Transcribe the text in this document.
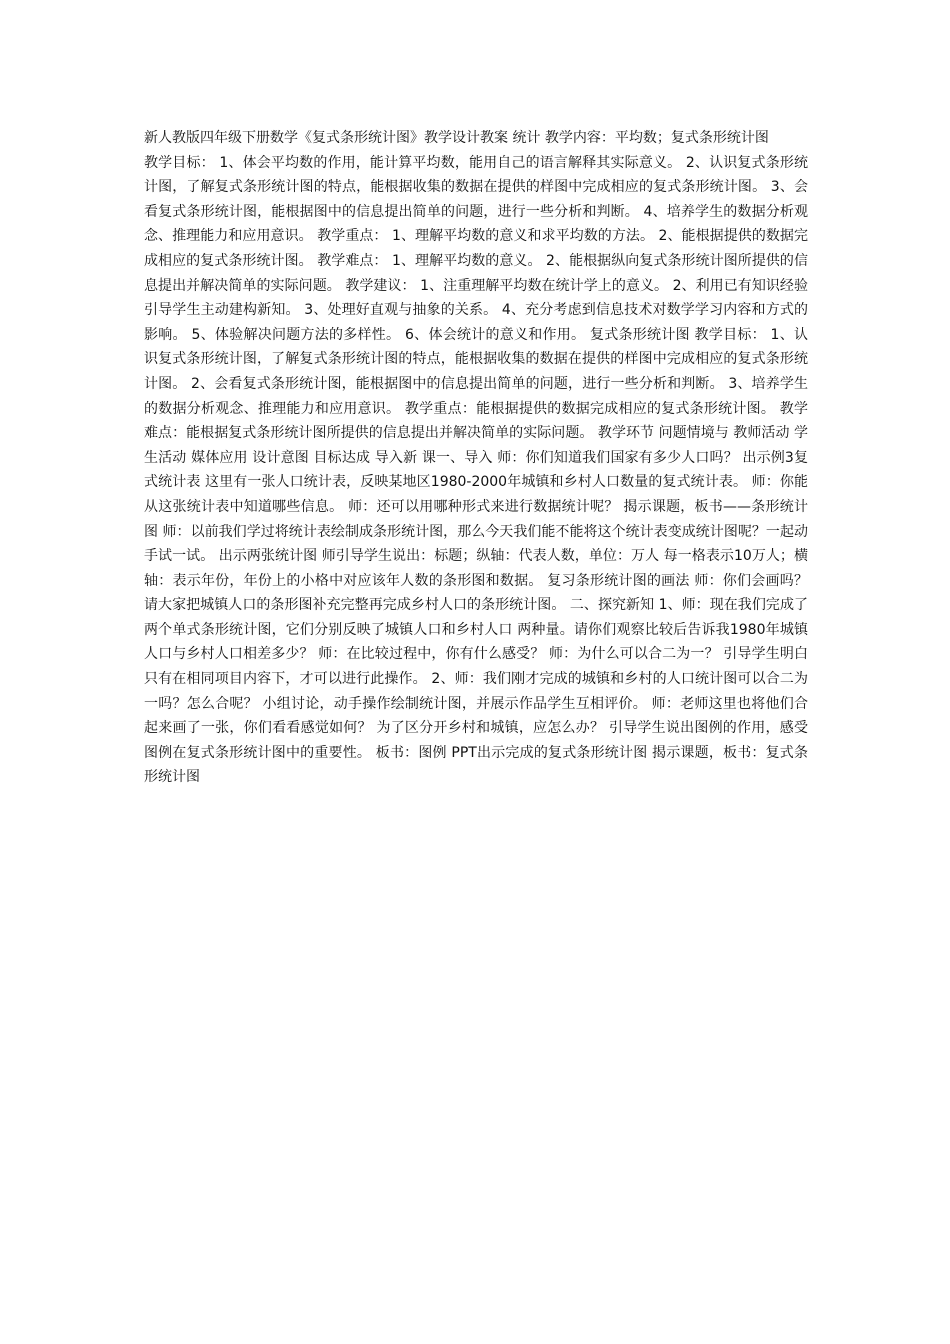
新人教版四年级下册数学《复式条形统计图》教学设计教案 统计 教学内容：平均数；复式条形统计图

教学目标： 1、体会平均数的作用，能计算平均数，能用自己的语言解释其实际意义。 2、认识复式条形统计图，了解复式条形统计图的特点，能根据收集的数据在提供的样图中完成相应的复式条形统计图。 3、会看复式条形统计图，能根据图中的信息提出简单的问题，进行一些分析和判断。 4、培养学生的数据分析观念、推理能力和应用意识。 教学重点： 1、理解平均数的意义和求平均数的方法。 2、能根据提供的数据完成相应的复式条形统计图。 教学难点： 1、理解平均数的意义。 2、能根据纵向复式条形统计图所提供的信息提出并解决简单的实际问题。 教学建议： 1、注重理解平均数在统计学上的意义。 2、利用已有知识经验引导学生主动建构新知。 3、处理好直观与抽象的关系。 4、充分考虑到信息技术对数学学习内容和方式的影响。 5、体验解决问题方法的多样性。 6、体会统计的意义和作用。 复式条形统计图 教学目标： 1、认识复式条形统计图，了解复式条形统计图的特点，能根据收集的数据在提供的样图中完成相应的复式条形统计图。 2、会看复式条形统计图，能根据图中的信息提出简单的问题，进行一些分析和判断。 3、培养学生的数据分析观念、推理能力和应用意识。 教学重点：能根据提供的数据完成相应的复式条形统计图。 教学难点：能根据复式条形统计图所提供的信息提出并解决简单的实际问题。 教学环节 问题情境与 教师活动 学生活动 媒体应用 设计意图 目标达成 导入新 课一、导入 师：你们知道我们国家有多少人口吗？ 出示例3复式统计表 这里有一张人口统计表，反映某地区1980-2000年城镇和乡村人口数量的复式统计表。 师：你能从这张统计表中知道哪些信息。 师：还可以用哪种形式来进行数据统计呢？ 揭示课题，板书——条形统计图 师：以前我们学过将统计表绘制成条形统计图，那么今天我们能不能将这个统计表变成统计图呢？一起动手试一试。 出示两张统计图 师引导学生说出：标题；纵轴：代表人数，单位：万人 每一格表示10万人；横轴：表示年份，年份上的小格中对应该年人数的条形图和数据。 复习条形统计图的画法 师：你们会画吗？请大家把城镇人口的条形图补充完整再完成乡村人口的条形统计图。 二、探究新知 1、师：现在我们完成了两个单式条形统计图，它们分别反映了城镇人口和乡村人口 两种量。请你们观察比较后告诉我1980年城镇人口与乡村人口相差多少？ 师：在比较过程中，你有什么感受？ 师：为什么可以合二为一？ 引导学生明白只有在相同项目内容下，才可以进行此操作。 2、师：我们刚才完成的城镇和乡村的人口统计图可以合二为一吗？怎么合呢？ 小组讨论，动手操作绘制统计图，并展示作品学生互相评价。 师：老师这里也将他们合起来画了一张，你们看看感觉如何？ 为了区分开乡村和城镇，应怎么办？ 引导学生说出图例的作用，感受图例在复式条形统计图中的重要性。 板书：图例 PPT出示完成的复式条形统计图 揭示课题，板书：复式条形统计图
